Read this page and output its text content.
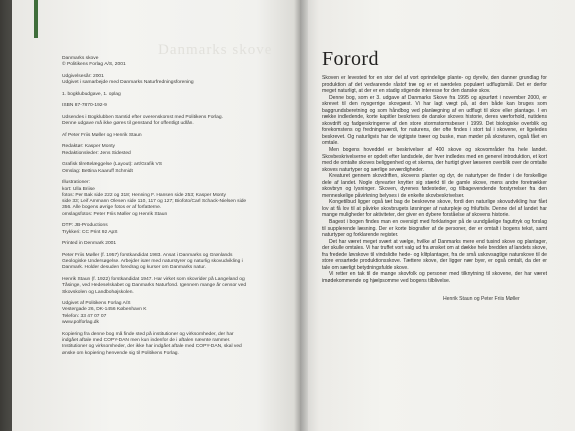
Danmarks skove
Danmarks skove
© Politikens Forlag A/S, 2001
Udgivelsesår: 2001
Udgivet i samarbejde med Danmarks Naturfredningsforening
1. bogklubudgave, 1. oplag
ISBN 87-7870-192-9
Udsendes i Bogklubben Samtid efter overenskomst med Politikens Forlag.
Denne udgave må ikke gøres til genstand for offentligt udlån.
Af Peter Friis Møller og Henrik Staun
Redaktør: Kasper Monty
Redaktionsleder: Jens Sidested
Grafisk tilrettelæggelse (Layout): art/Grafik VS
Omslag: Bettina Kaaruff Schmidt
Illustrationer:
kort: Ulla Briise
fotos: Per Bak side 222 og 318; Henning F. Hansen side 253; Kasper Monty
side 33; Leif Ammann Olesen side 110, 117 og 127; Biofoto/Carl Schack-Nielsen side
356. Alle bogens øvrige fotos er af forfatterne.
omslagsfotos: Peter Friis Møller og Henrik Staun
DTP: JB-Productions
Trykkeri: CC Print 92 ApS
Printed in Denmark 2001
Peter Friis Møller (f. 1957) forstkandidat 1983. Ansat i Danmarks og Grønlands
Geologiske Undersøgelse. Arbejder især med naturstyrer og naturlig skovudvikling i
Danmark. Holder desuden foredrag og kurser om Danmarks natur.
Henrik Staun (f. 1922) forstkandidat 1947. Har virket som skovrider på Langeland og
Tåsinge, ved Hedeselskabet og Danmarks Naturfond. Igennem mange år censor ved
Skovskolen og Landbohøjskolen.
Udgivet af Politikens Forlag A/S
Vestergade 26, DK-1456 København K
Telefon: 33 47 07 07
www.polforlag.dk
Kopiering fra denne bog må finde sted på institutioner og virksomheder, der har
indgået aftale med COPY-DAN men kun indenfor de i aftalen nævnte rammer.
Institutioner og virksomheder, der ikke har indgået aftale med COPY-DAN, skal ved
ønske om kopiering henvende sig til Politikens Forlag.
Forord

Skoven er levested for en stor del af vort oprindelige plante- og dyreliv, den danner grundlag for produktion af det vedvarende råstof træ og er et særdeles populært udflugtsmål. Det er derfor meget naturligt, at der er en stadig stigende interesse for den danske skov.

Denne bog, som er 3. udgave af Danmarks Skove fra 1995 og ajourført i november 2000, er skrevet til den nysgerrige skovgæst. Vi har lagt vægt på, at den både kan bruges som baggrundsberetning og som håndbog ved planlægning af en udflugt til skov eller plantage. I en række indledende, korte kapitler beskrives de danske skoves historie, deres værforhold, nutidens skovdrift og fadgerskringerne af den store stormstormsbeser i 1999. Det biologiske overblik og forekomstens og fredningsværdi, for naturens, der ofte findes i stort tal i skovene, er ligeledes beskrevet. Og naturligvis har de vigtigste træer og buske, man møder på skovturen, også fået en omtale.

Men bogens hoveddel er beskrivelser af 400 skove og skovområder fra hele landet. Skovbeskrivelserne er opdelt efter landsdele, der hver indledes med en generel introduktion, et kort med de omtalte skoves beliggenhed og et skema, der hurtigt giver læseren overblik over de omtalte skoves naturtyper og særlige seværdigheder.

Kreaturet gennem skovdriften, skovens planter og dyr, de naturtyper de finder i de forskellige dele af landet. Nogle dyrearter knytter sig stærkt til de gamle skove, mens andre foretrækker skovbryn og lysninger. Skoven, dyrenes fødesteder, og tilbagevendende forstyrrelser fra den menneskelige påvirkning belyses i de enkelte skovbeskrivelser.

Kongetilbud ligger også tæt bag de beskrevne skove, fordi den naturlige skovudvikling har fået lov at få lov til at påvirke skovbrugets løsninger af naturpleje og friluftsliv. Denne del af landet har mange muligheder for aktiviteter, der giver en dybere forståelse af skovens historie.

Bagest i bogen findes man en oversigt med forklaringer på de uundgåelige faguttryk og forslag til supplerende læsning. Der er korte biografier af de personer, der er omtalt i bogens tekst, samt naturtyper og forklarende register.

Det har været meget svært at vælge, hvilke af Danmarks mere end tusind skove og plantager, der skulle omtales. Vi har truffet vort valg ud fra ønsket om at dække hele bredden af landets skove, fra fredede løvskove til vindslidte hede- og klitplantager, fra de små uskovsagtige naturskove til de store ensartede produktionsskove. Tættere skove, der ligger nær byer, er også omtalt, da der er tale om særligt betydningsfulde skove.

Vi retter en tak til de mange skovfolk og personer med tilknytning til skovene, der har været imødekommende og hjælpsomme ved bogens tilblivelse.

Henrik Staun og Peter Friis Møller
